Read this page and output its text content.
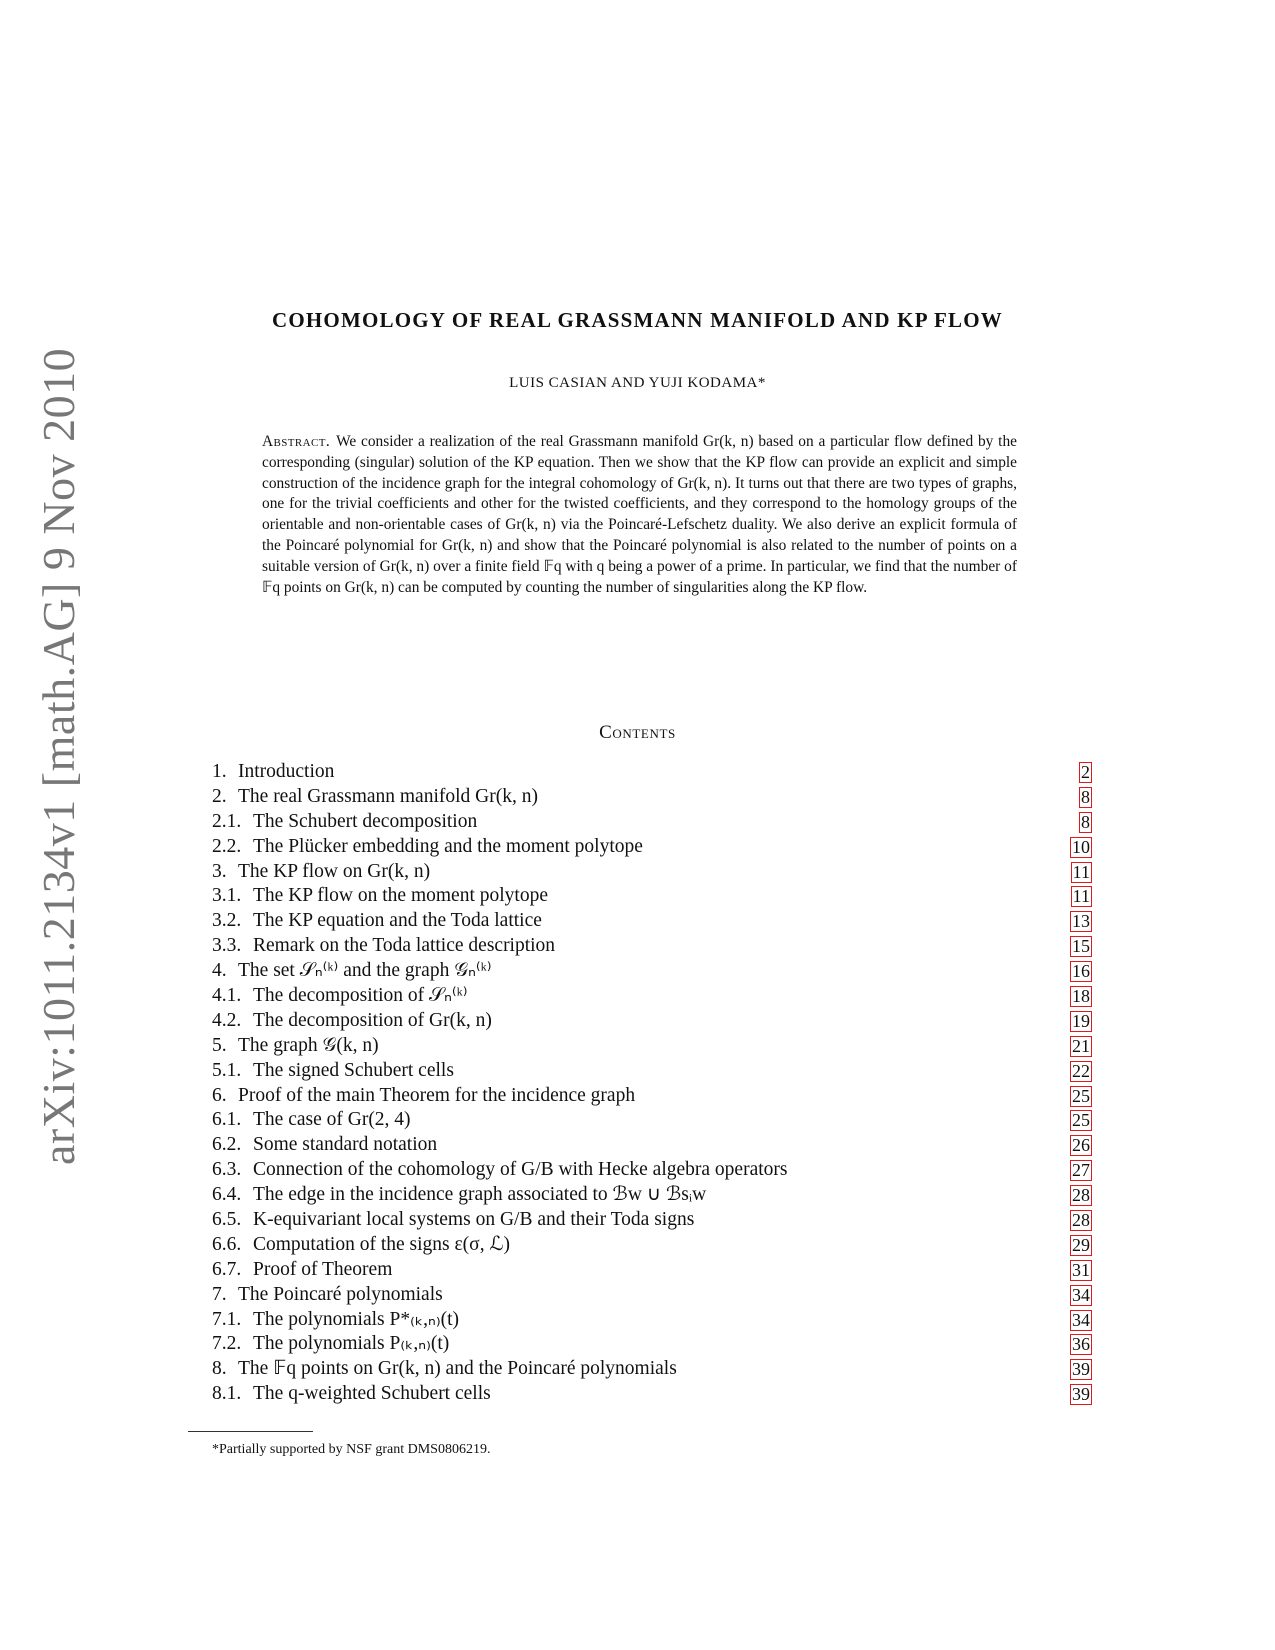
arXiv:1011.2134v1 [math.AG] 9 Nov 2010
COHOMOLOGY OF REAL GRASSMANN MANIFOLD AND KP FLOW
LUIS CASIAN AND YUJI KODAMA*
Abstract. We consider a realization of the real Grassmann manifold Gr(k, n) based on a particular flow defined by the corresponding (singular) solution of the KP equation. Then we show that the KP flow can provide an explicit and simple construction of the incidence graph for the integral cohomology of Gr(k, n). It turns out that there are two types of graphs, one for the trivial coefficients and other for the twisted coefficients, and they correspond to the homology groups of the orientable and non-orientable cases of Gr(k, n) via the Poincaré-Lefschetz duality. We also derive an explicit formula of the Poincaré polynomial for Gr(k, n) and show that the Poincaré polynomial is also related to the number of points on a suitable version of Gr(k, n) over a finite field 𝔽q with q being a power of a prime. In particular, we find that the number of 𝔽q points on Gr(k, n) can be computed by counting the number of singularities along the KP flow.
Contents
1. Introduction	2
2. The real Grassmann manifold Gr(k, n)	8
2.1. The Schubert decomposition	8
2.2. The Plücker embedding and the moment polytope	10
3. The KP flow on Gr(k, n)	11
3.1. The KP flow on the moment polytope	11
3.2. The KP equation and the Toda lattice	13
3.3. Remark on the Toda lattice description	15
4. The set 𝒮ₙ⁽ᵏ⁾ and the graph 𝒢ₙ⁽ᵏ⁾	16
4.1. The decomposition of 𝒮ₙ⁽ᵏ⁾	18
4.2. The decomposition of Gr(k, n)	19
5. The graph 𝒢(k, n)	21
5.1. The signed Schubert cells	22
6. Proof of the main Theorem for the incidence graph	25
6.1. The case of Gr(2, 4)	25
6.2. Some standard notation	26
6.3. Connection of the cohomology of G/B with Hecke algebra operators	27
6.4. The edge in the incidence graph associated to ℬw ∪ ℬsᵢw	28
6.5. K-equivariant local systems on G/B and their Toda signs	28
6.6. Computation of the signs ε(σ, ℒ)	29
6.7. Proof of Theorem	31
7. The Poincaré polynomials	34
7.1. The polynomials P*₍ₖ,ₙ₎(t)	34
7.2. The polynomials P₍ₖ,ₙ₎(t)	36
8. The 𝔽q points on Gr(k, n) and the Poincaré polynomials	39
8.1. The q-weighted Schubert cells	39
*Partially supported by NSF grant DMS0806219.
